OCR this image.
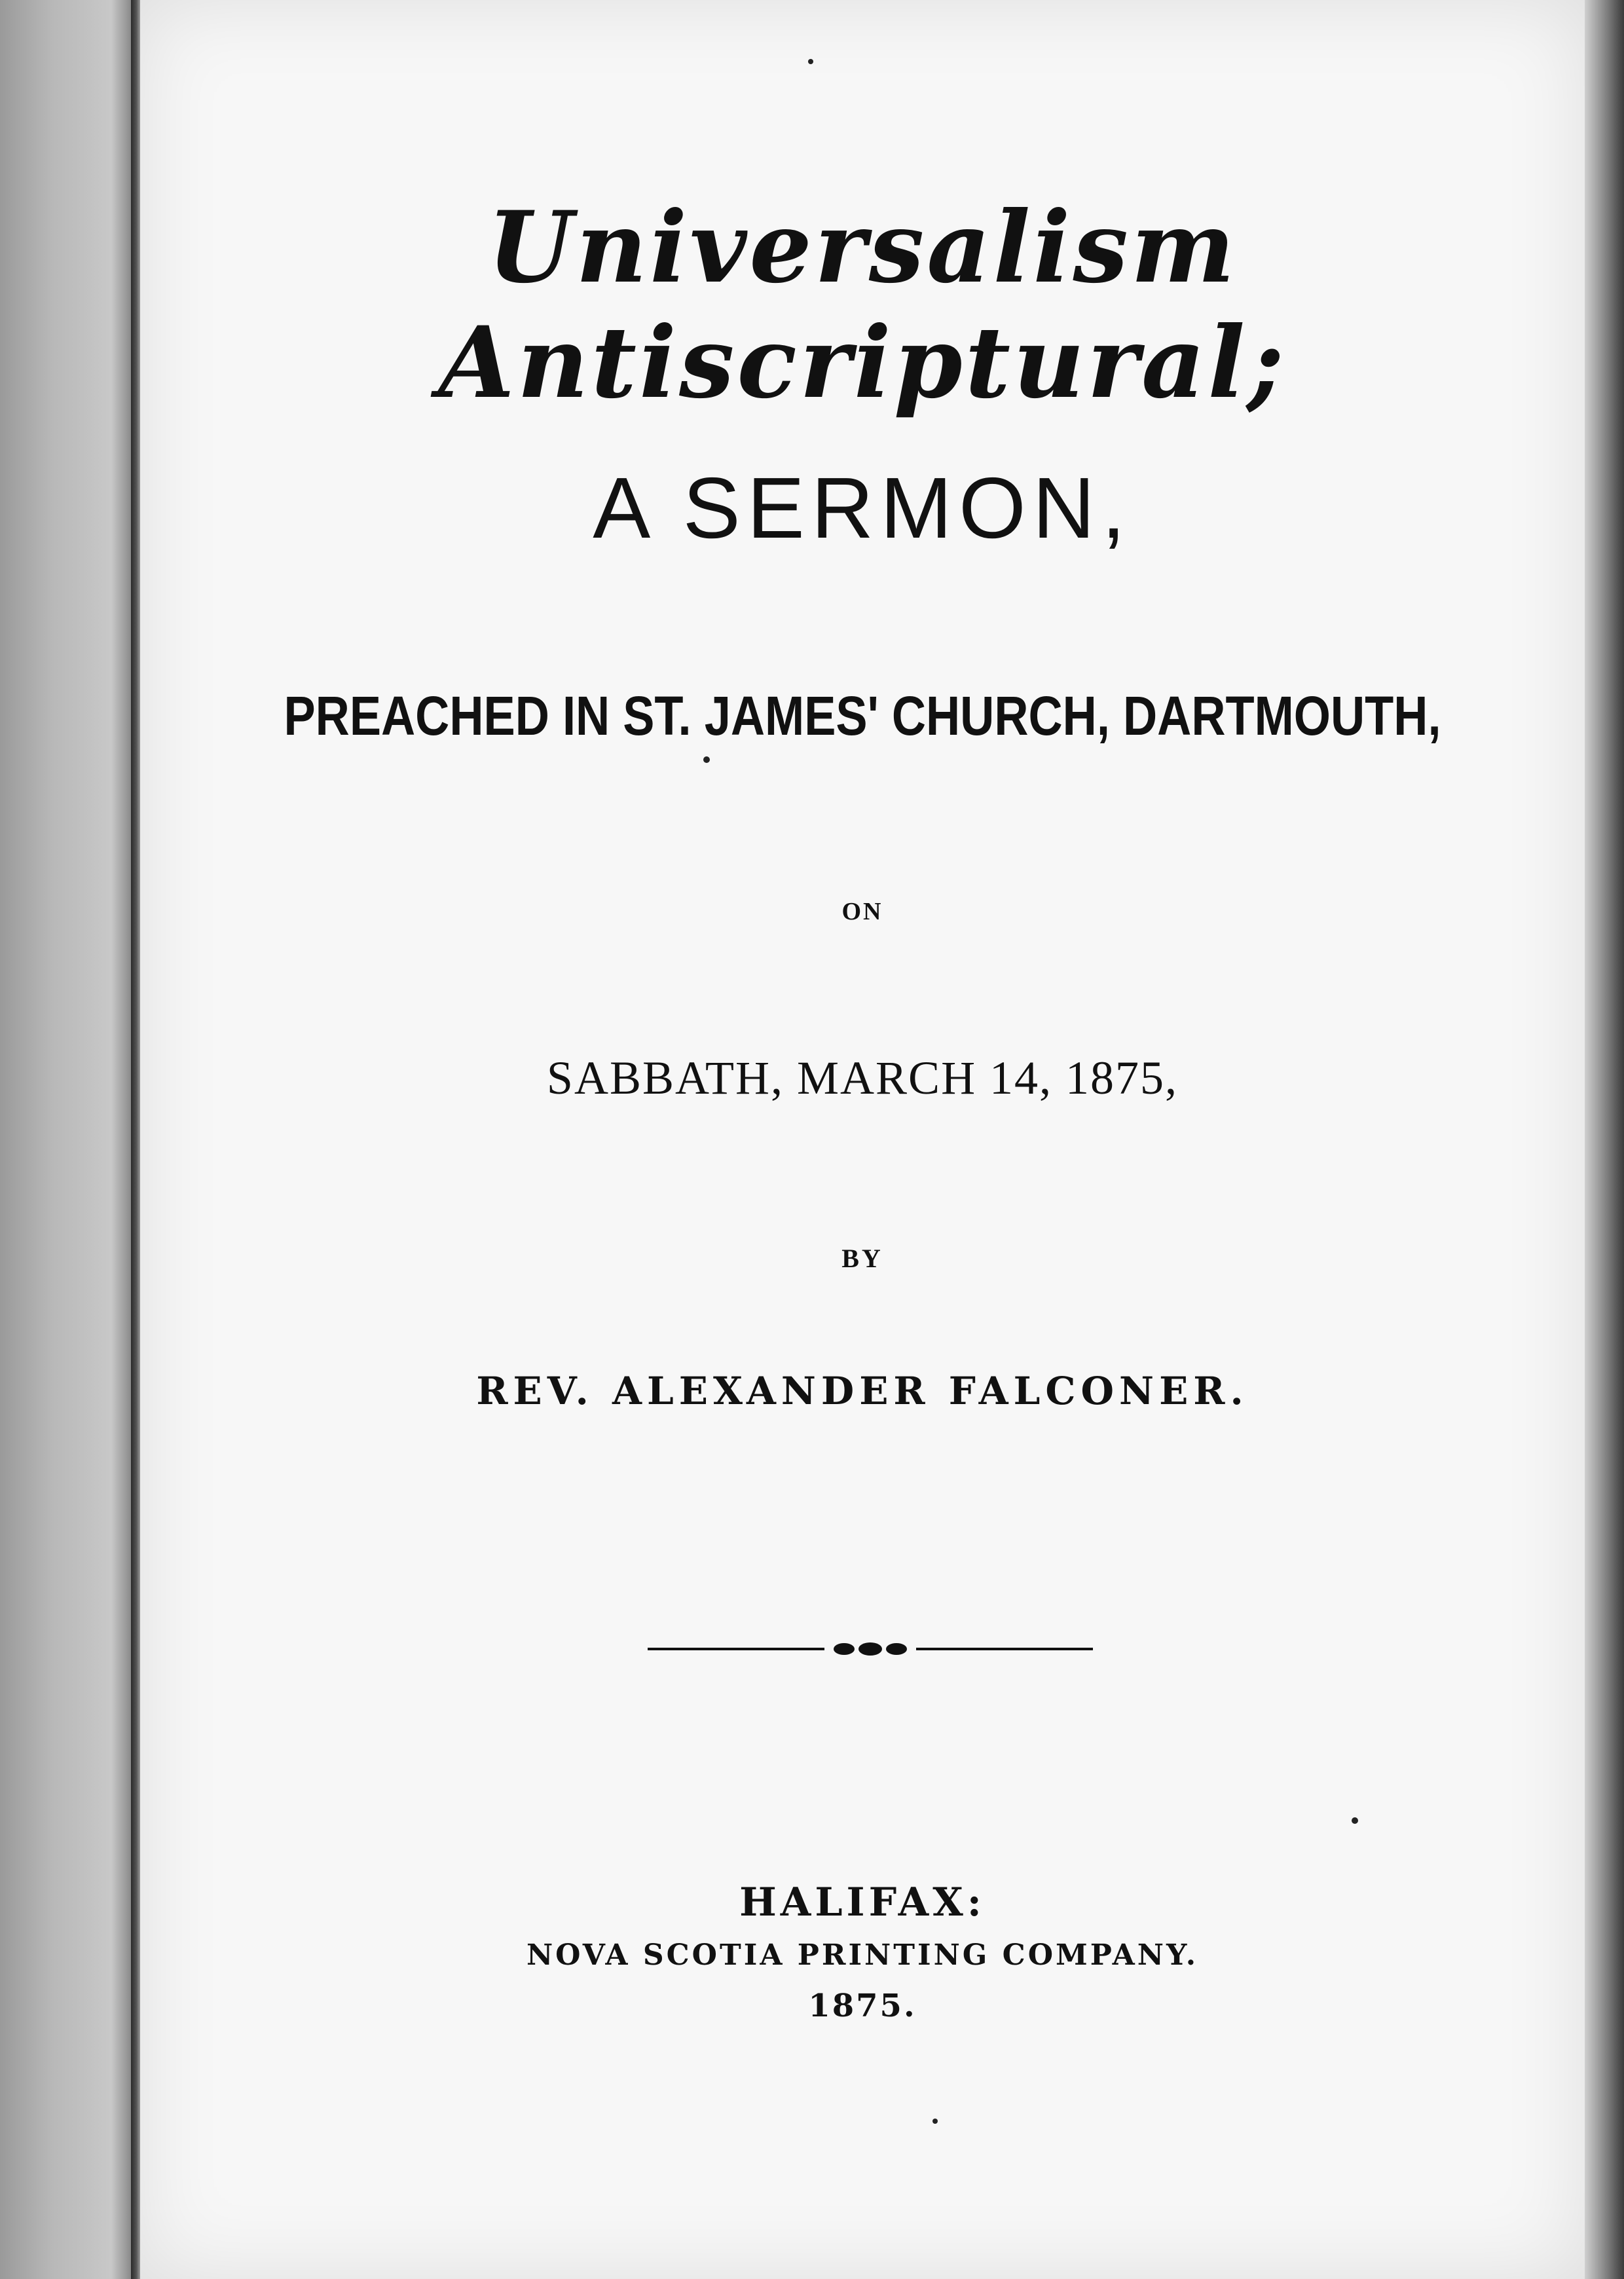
Universalism Antiscriptural;
A SERMON,
PREACHED IN ST. JAMES' CHURCH, DARTMOUTH,
ON
SABBATH, MARCH 14, 1875,
BY
REV. ALEXANDER FALCONER.
HALIFAX:
NOVA SCOTIA PRINTING COMPANY.
1875.
